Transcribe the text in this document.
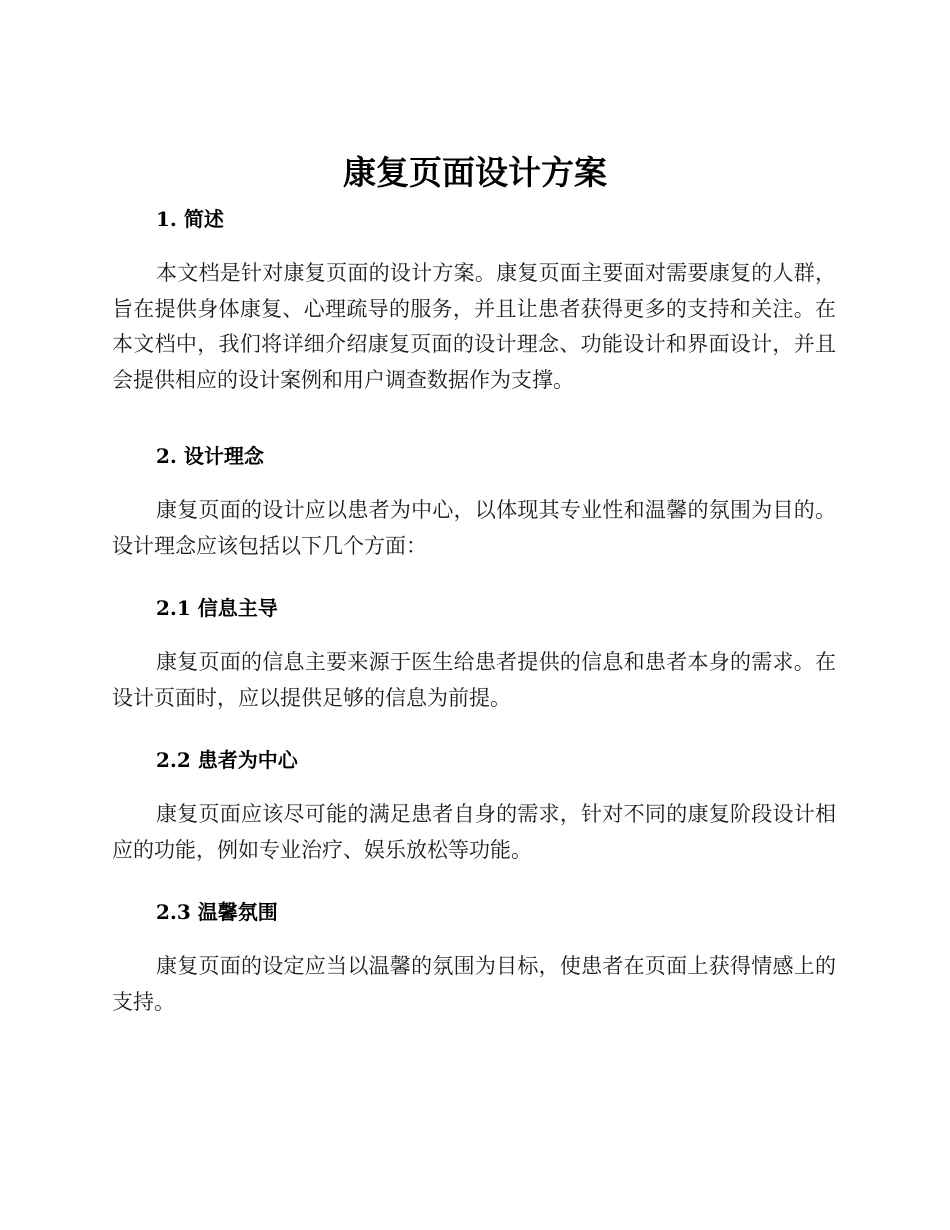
康复页面设计方案
1. 简述

本文档是针对康复页面的设计方案。康复页面主要面对需要康复的人群，旨在提供身体康复、心理疏导的服务，并且让患者获得更多的支持和关注。在本文档中，我们将详细介绍康复页面的设计理念、功能设计和界面设计，并且会提供相应的设计案例和用户调查数据作为支撑。

2. 设计理念

康复页面的设计应以患者为中心，以体现其专业性和温馨的氛围为目的。设计理念应该包括以下几个方面：

2.1 信息主导

康复页面的信息主要来源于医生给患者提供的信息和患者本身的需求。在设计页面时，应以提供足够的信息为前提。

2.2 患者为中心

康复页面应该尽可能的满足患者自身的需求，针对不同的康复阶段设计相应的功能，例如专业治疗、娱乐放松等功能。

2.3 温馨氛围

康复页面的设定应当以温馨的氛围为目标，使患者在页面上获得情感上的支持。
